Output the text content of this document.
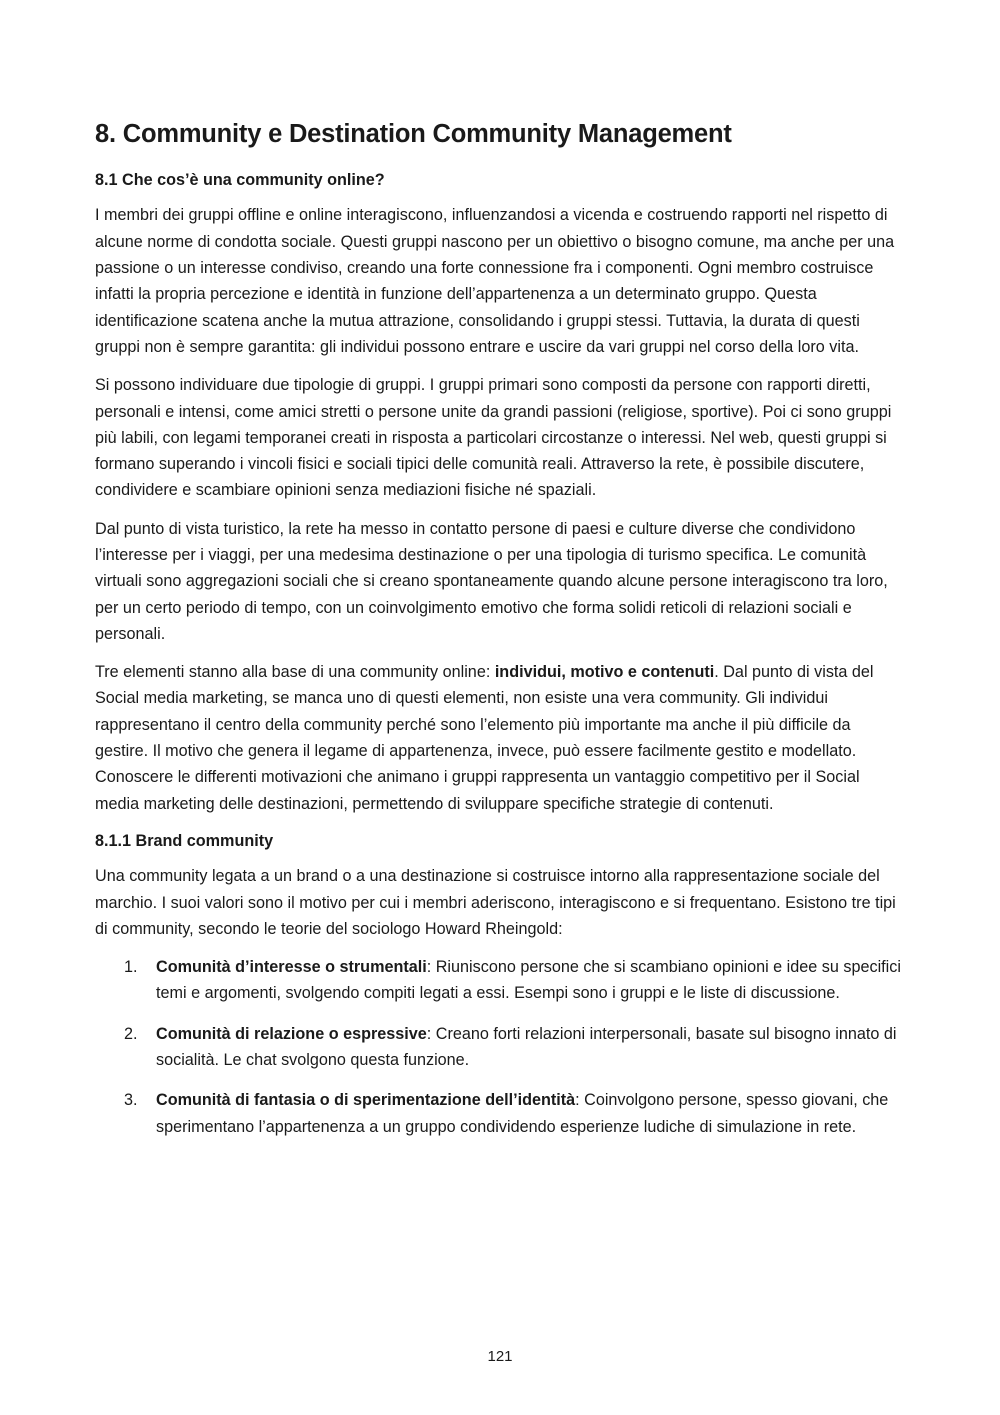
8. Community e Destination Community Management
8.1 Che cos’è una community online?

I membri dei gruppi offline e online interagiscono, influenzandosi a vicenda e costruendo rapporti nel rispetto di alcune norme di condotta sociale. Questi gruppi nascono per un obiettivo o bisogno comune, ma anche per una passione o un interesse condiviso, creando una forte connessione fra i componenti. Ogni membro costruisce infatti la propria percezione e identità in funzione dell’appartenenza a un determinato gruppo. Questa identificazione scatena anche la mutua attrazione, consolidando i gruppi stessi. Tuttavia, la durata di questi gruppi non è sempre garantita: gli individui possono entrare e uscire da vari gruppi nel corso della loro vita.

Si possono individuare due tipologie di gruppi. I gruppi primari sono composti da persone con rapporti diretti, personali e intensi, come amici stretti o persone unite da grandi passioni (religiose, sportive). Poi ci sono gruppi più labili, con legami temporanei creati in risposta a particolari circostanze o interessi. Nel web, questi gruppi si formano superando i vincoli fisici e sociali tipici delle comunità reali. Attraverso la rete, è possibile discutere, condividere e scambiare opinioni senza mediazioni fisiche né spaziali.

Dal punto di vista turistico, la rete ha messo in contatto persone di paesi e culture diverse che condividono l’interesse per i viaggi, per una medesima destinazione o per una tipologia di turismo specifica. Le comunità virtuali sono aggregazioni sociali che si creano spontaneamente quando alcune persone interagiscono tra loro, per un certo periodo di tempo, con un coinvolgimento emotivo che forma solidi reticoli di relazioni sociali e personali.

Tre elementi stanno alla base di una community online: individui, motivo e contenuti. Dal punto di vista del Social media marketing, se manca uno di questi elementi, non esiste una vera community. Gli individui rappresentano il centro della community perché sono l’elemento più importante ma anche il più difficile da gestire. Il motivo che genera il legame di appartenenza, invece, può essere facilmente gestito e modellato. Conoscere le differenti motivazioni che animano i gruppi rappresenta un vantaggio competitivo per il Social media marketing delle destinazioni, permettendo di sviluppare specifiche strategie di contenuti.

8.1.1 Brand community

Una community legata a un brand o a una destinazione si costruisce intorno alla rappresentazione sociale del marchio. I suoi valori sono il motivo per cui i membri aderiscono, interagiscono e si frequentano. Esistono tre tipi di community, secondo le teorie del sociologo Howard Rheingold:

1. Comunità d’interesse o strumentali: Riuniscono persone che si scambiano opinioni e idee su specifici temi e argomenti, svolgendo compiti legati a essi. Esempi sono i gruppi e le liste di discussione.
2. Comunità di relazione o espressive: Creano forti relazioni interpersonali, basate sul bisogno innato di socialità. Le chat svolgono questa funzione.
3. Comunità di fantasia o di sperimentazione dell’identità: Coinvolgono persone, spesso giovani, che sperimentano l’appartenenza a un gruppo condividendo esperienze ludiche di simulazione in rete.
121
